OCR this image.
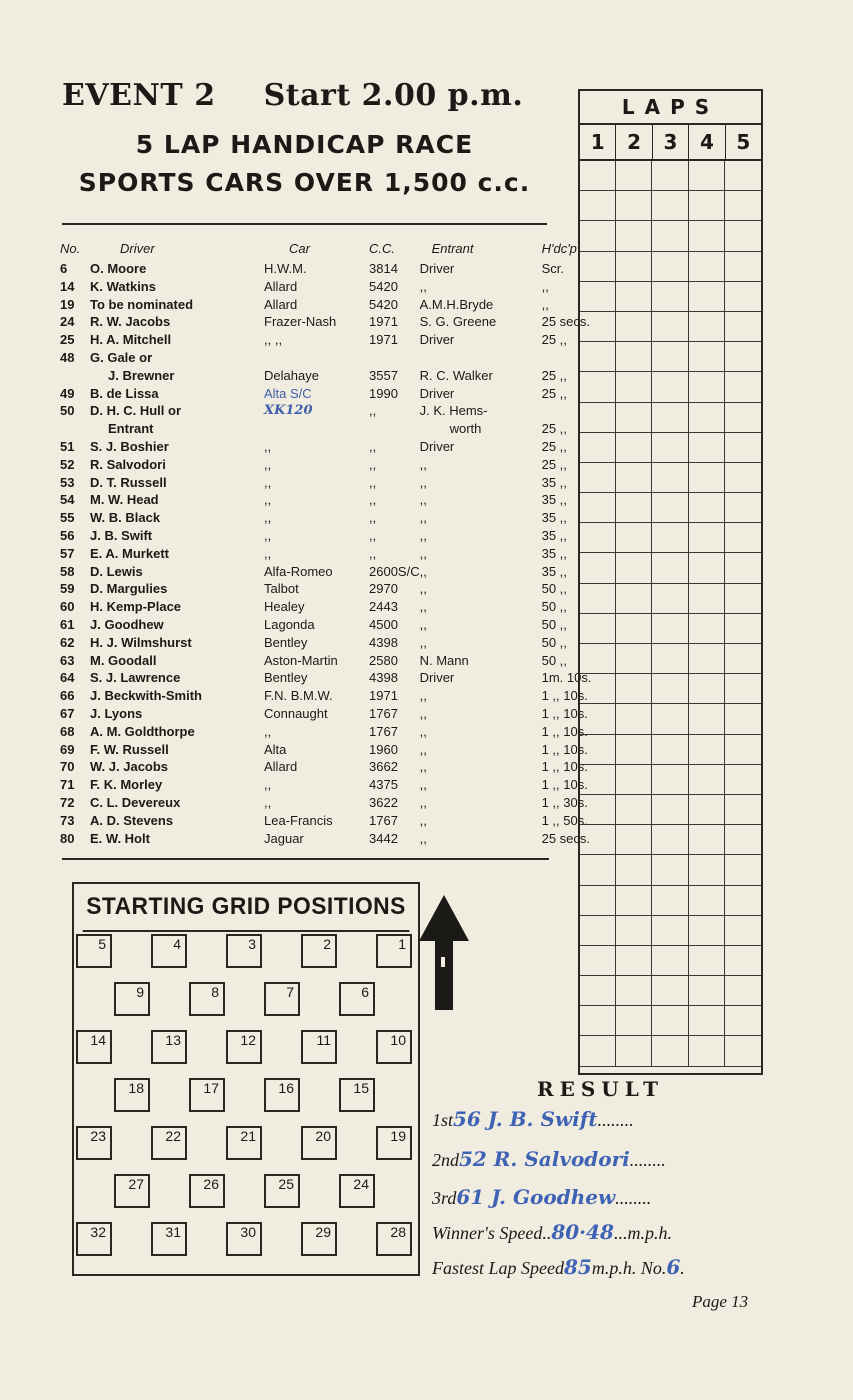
EVENT 2 Start 2.00 p.m.
5 LAP HANDICAP RACE
SPORTS CARS OVER 1,500 c.c.
No.	Driver	Car	C.C.	Entrant	H'dc'p
6	O. Moore	H.W.M.	3814	Driver	Scr.
14	K. Watkins	Allard	5420	,,	,,
19	To be nominated	Allard	5420	A.M.H.Bryde	,,
24	R. W. Jacobs	Frazer-Nash	1971	S. G. Greene	25 secs.
25	H. A. Mitchell	,, ,,	1971	Driver	25 ,,
48	G. Gale or				
	J. Brewner	Delahaye	3557	R. C. Walker	25 ,,
49	B. de Lissa	Alta S/C	1990	Driver	25 ,,
50	D. H. C. Hull or	XK120	,,	J. K. Hems-	
	Entrant			worth	25 ,,
51	S. J. Boshier	,,	,,	Driver	25 ,,
52	R. Salvodori	,,	,,	,,	25 ,,
53	D. T. Russell	,,	,,	,,	35 ,,
54	M. W. Head	,,	,,	,,	35 ,,
55	W. B. Black	,,	,,	,,	35 ,,
56	J. B. Swift	,,	,,	,,	35 ,,
57	E. A. Murkett	,,	,,	,,	35 ,,
58	D. Lewis	Alfa-Romeo	2600S/C	,,	35 ,,
59	D. Margulies	Talbot	2970	,,	50 ,,
60	H. Kemp-Place	Healey	2443	,,	50 ,,
61	J. Goodhew	Lagonda	4500	,,	50 ,,
62	H. J. Wilmshurst	Bentley	4398	,,	50 ,,
63	M. Goodall	Aston-Martin	2580	N. Mann	50 ,,
64	S. J. Lawrence	Bentley	4398	Driver	1m. 10s.
66	J. Beckwith-Smith	F.N. B.M.W.	1971	,,	1 ,, 10s.
67	J. Lyons	Connaught	1767	,,	1 ,, 10s.
68	A. M. Goldthorpe	,,	1767	,,	1 ,, 10s.
69	F. W. Russell	Alta	1960	,,	1 ,, 10s.
70	W. J. Jacobs	Allard	3662	,,	1 ,, 10s.
71	F. K. Morley	,,	4375	,,	1 ,, 10s.
72	C. L. Devereux	,,	3622	,,	1 ,, 30s.
73	A. D. Stevens	Lea-Francis	1767	,,	1 ,, 50s.
80	E. W. Holt	Jaguar	3442	,,	25 secs.
LAPS
1	2	3	4	5
STARTING GRID POSITIONS
5	4	3	2	1
9	8	7	6
14	13	12	11	10
18	17	16	15
23	22	21	20	19
27	26	25	24
32	31	30	29	28
RESULT
1st56 J. B. Swift........
2nd52 R. Salvodori........
3rd61 J. Goodhew........
Winner's Speed..80·48...m.p.h.
Fastest Lap Speed85m.p.h. No.6.
Page 13
